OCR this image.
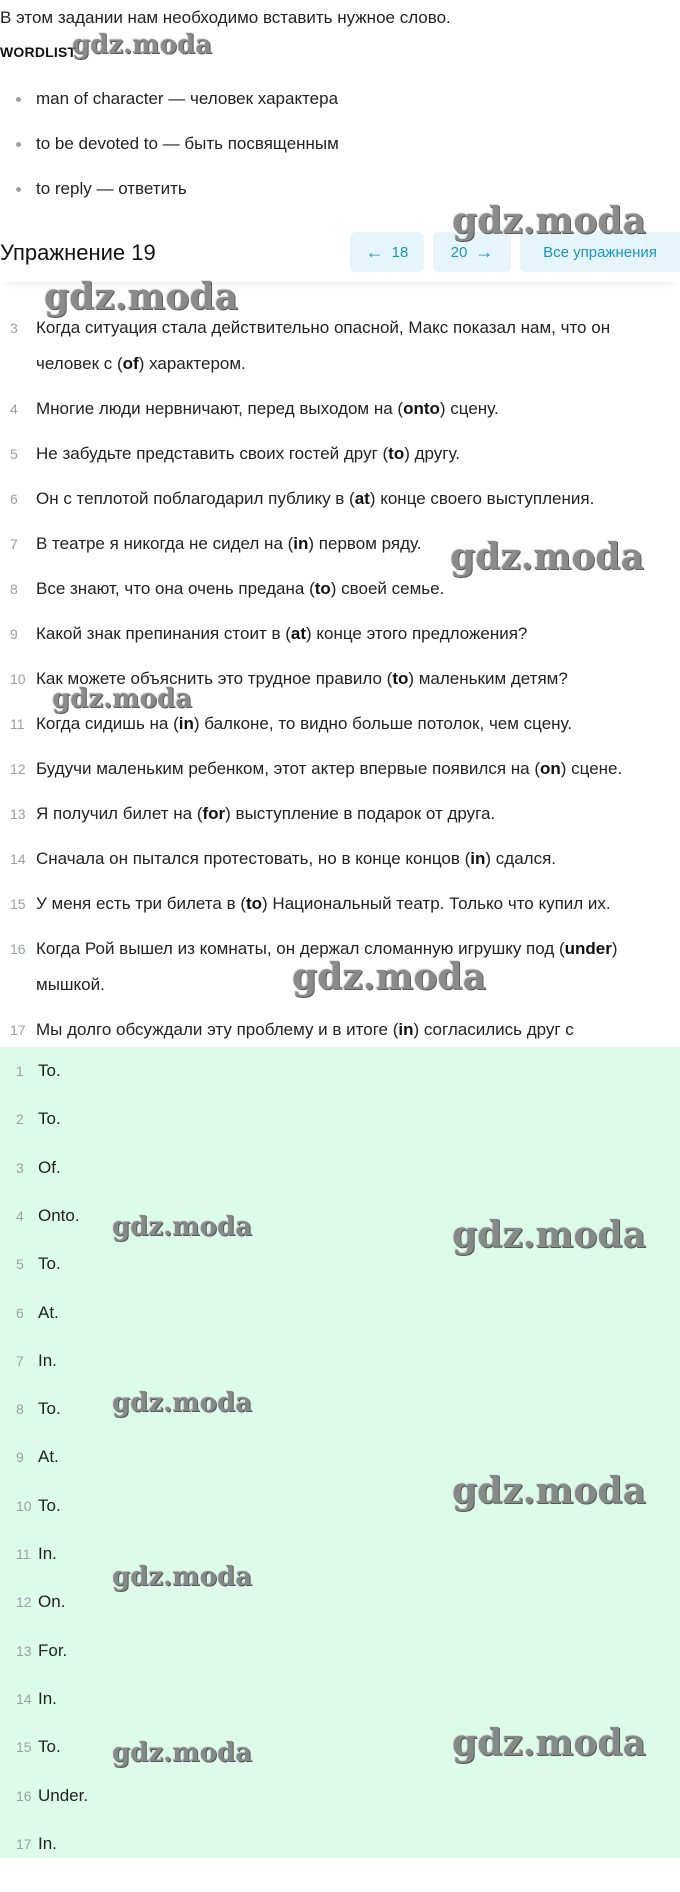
В этом задании нам необходимо вставить нужное слово.
WORDLIST
man of character — человек характера
to be devoted to — быть посвященным
to reply — ответить
3 Когда ситуация стала действительно опасной, Макс показал нам, что он
человек с (of) характером.
4 Многие люди нервничают, перед выходом на (onto) сцену.
5 Не забудьте представить своих гостей друг (to) другу.
6 Он с теплотой поблагодарил публику в (at) конце своего выступления.
7 В театре я никогда не сидел на (in) первом ряду.
8 Все знают, что она очень предана (to) своей семье.
9 Какой знак препинания стоит в (at) конце этого предложения?
10 Как можете объяснить это трудное правило (to) маленьким детям?
11 Когда сидишь на (in) балконе, то видно больше потолок, чем сцену.
12 Будучи маленьким ребенком, этот актер впервые появился на (on) сцене.
13 Я получил билет на (for) выступление в подарок от друга.
14 Сначала он пытался протестовать, но в конце концов (in) сдался.
15 У меня есть три билета в (to) Национальный театр. Только что купил их.
16 Когда Рой вышел из комнаты, он держал сломанную игрушку под (under)
мышкой.
17 Мы долго обсуждали эту проблему и в итоге (in) согласились друг с
1 To.
2 To.
3 Of.
4 Onto.
5 To.
6 At.
7 In.
8 To.
9 At.
10 To.
11 In.
12 On.
13 For.
14 In.
15 To.
16 Under.
17 In.
Упражнение 19	← 18	20 →	Все упражнения
gdz.moda
gdz.moda
gdz.moda
gdz.moda
gdz.moda
gdz.moda
gdz.moda	gdz.moda
gdz.moda
gdz.moda
gdz.moda
gdz.moda	gdz.moda
